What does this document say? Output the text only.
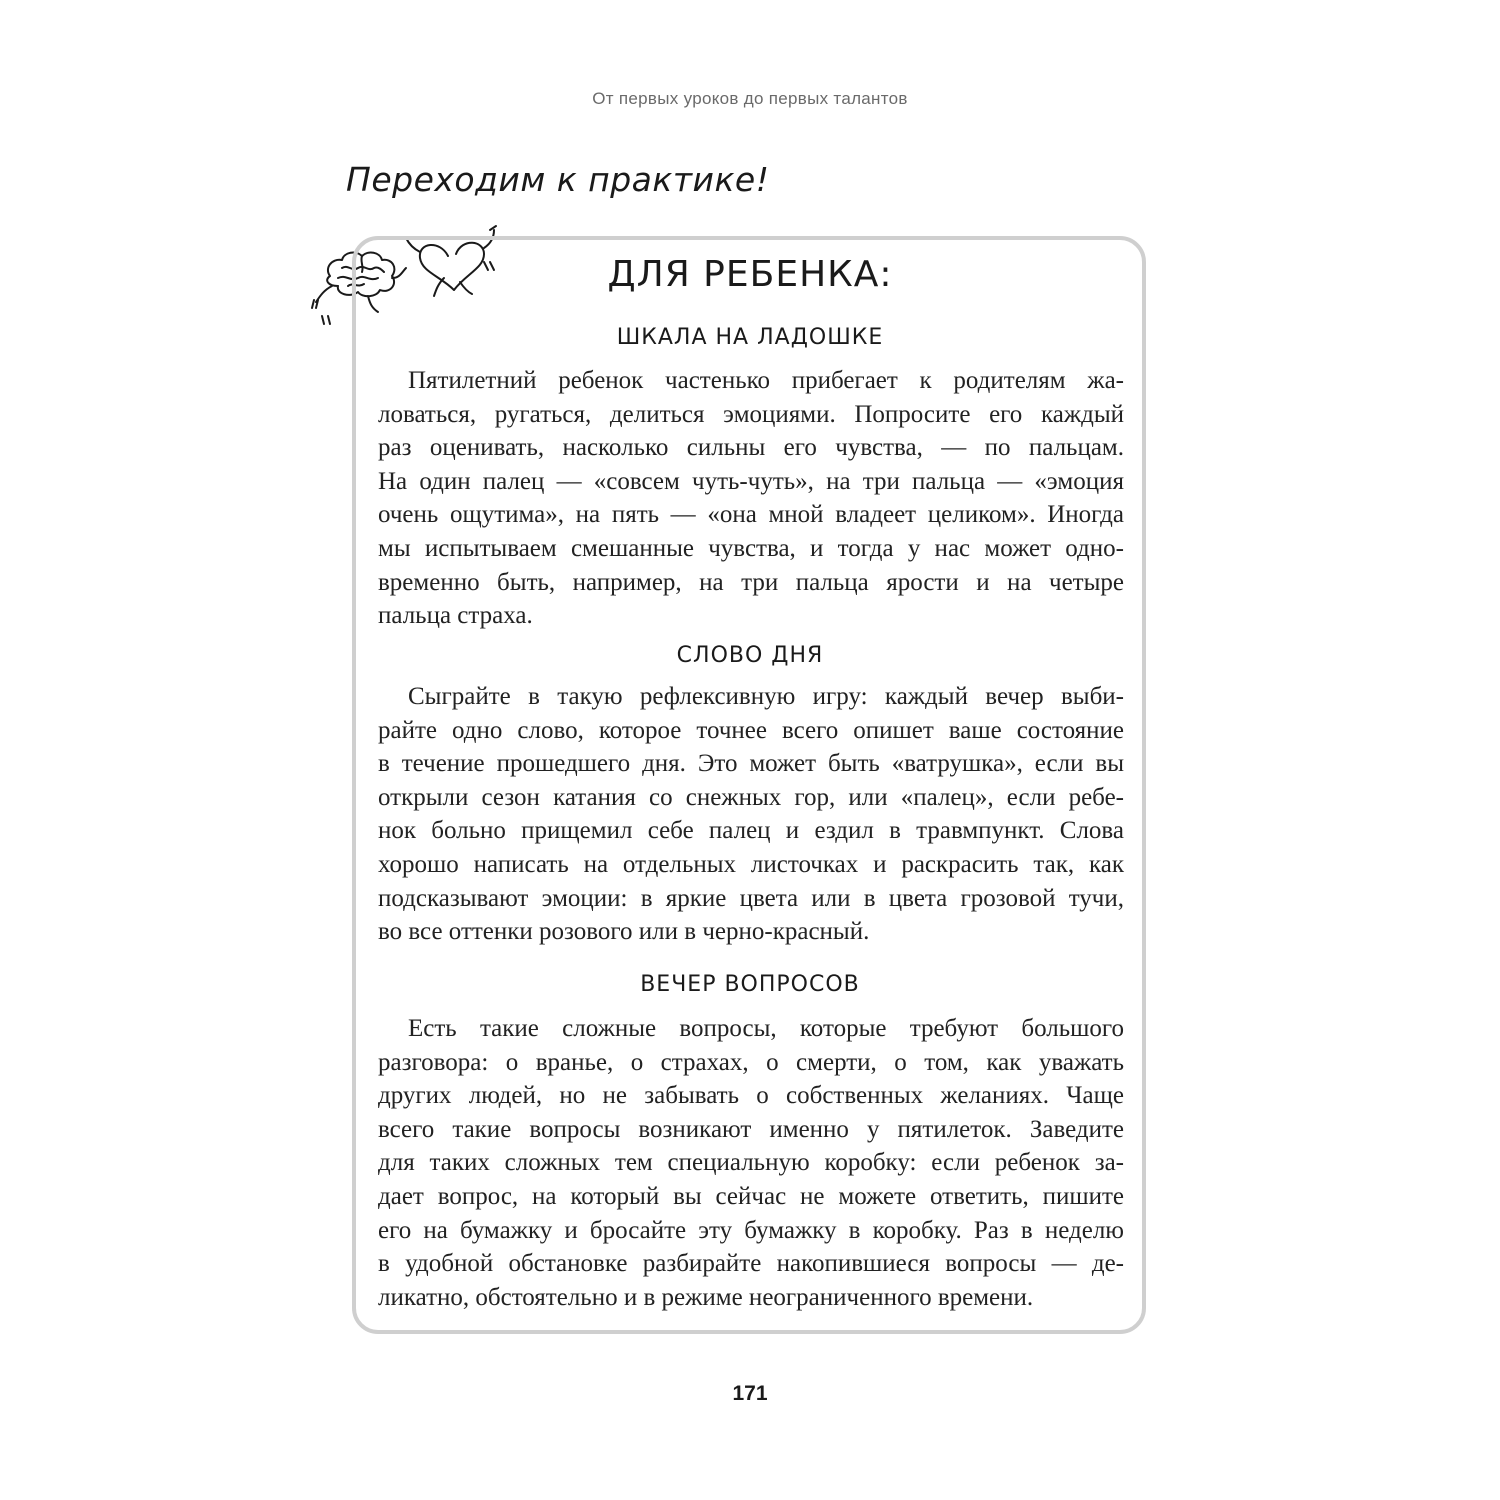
От первых уроков до первых талантов
Переходим к практике!
ДЛЯ РЕБЕНКА:
ШКАЛА НА ЛАДОШКЕ
Пятилетний ребенок частенько прибегает к родителям жа-
ловаться, ругаться, делиться эмоциями. Попросите его каждый
раз оценивать, насколько сильны его чувства, — по пальцам.
На один палец — «совсем чуть-чуть», на три пальца — «эмоция
очень ощутима», на пять — «она мной владеет целиком». Иногда
мы испытываем смешанные чувства, и тогда у нас может одно-
временно быть, например, на три пальца ярости и на четыре
пальца страха.
СЛОВО ДНЯ
Сыграйте в такую рефлексивную игру: каждый вечер выби-
райте одно слово, которое точнее всего опишет ваше состояние
в течение прошедшего дня. Это может быть «ватрушка», если вы
открыли сезон катания со снежных гор, или «палец», если ребе-
нок больно прищемил себе палец и ездил в травмпункт. Слова
хорошо написать на отдельных листочках и раскрасить так, как
подсказывают эмоции: в яркие цвета или в цвета грозовой тучи,
во все оттенки розового или в черно-красный.
ВЕЧЕР ВОПРОСОВ
Есть такие сложные вопросы, которые требуют большого
разговора: о вранье, о страхах, о смерти, о том, как уважать
других людей, но не забывать о собственных желаниях. Чаще
всего такие вопросы возникают именно у пятилеток. Заведите
для таких сложных тем специальную коробку: если ребенок за-
дает вопрос, на который вы сейчас не можете ответить, пишите
его на бумажку и бросайте эту бумажку в коробку. Раз в неделю
в удобной обстановке разбирайте накопившиеся вопросы — де-
ликатно, обстоятельно и в режиме неограниченного времени.
171
